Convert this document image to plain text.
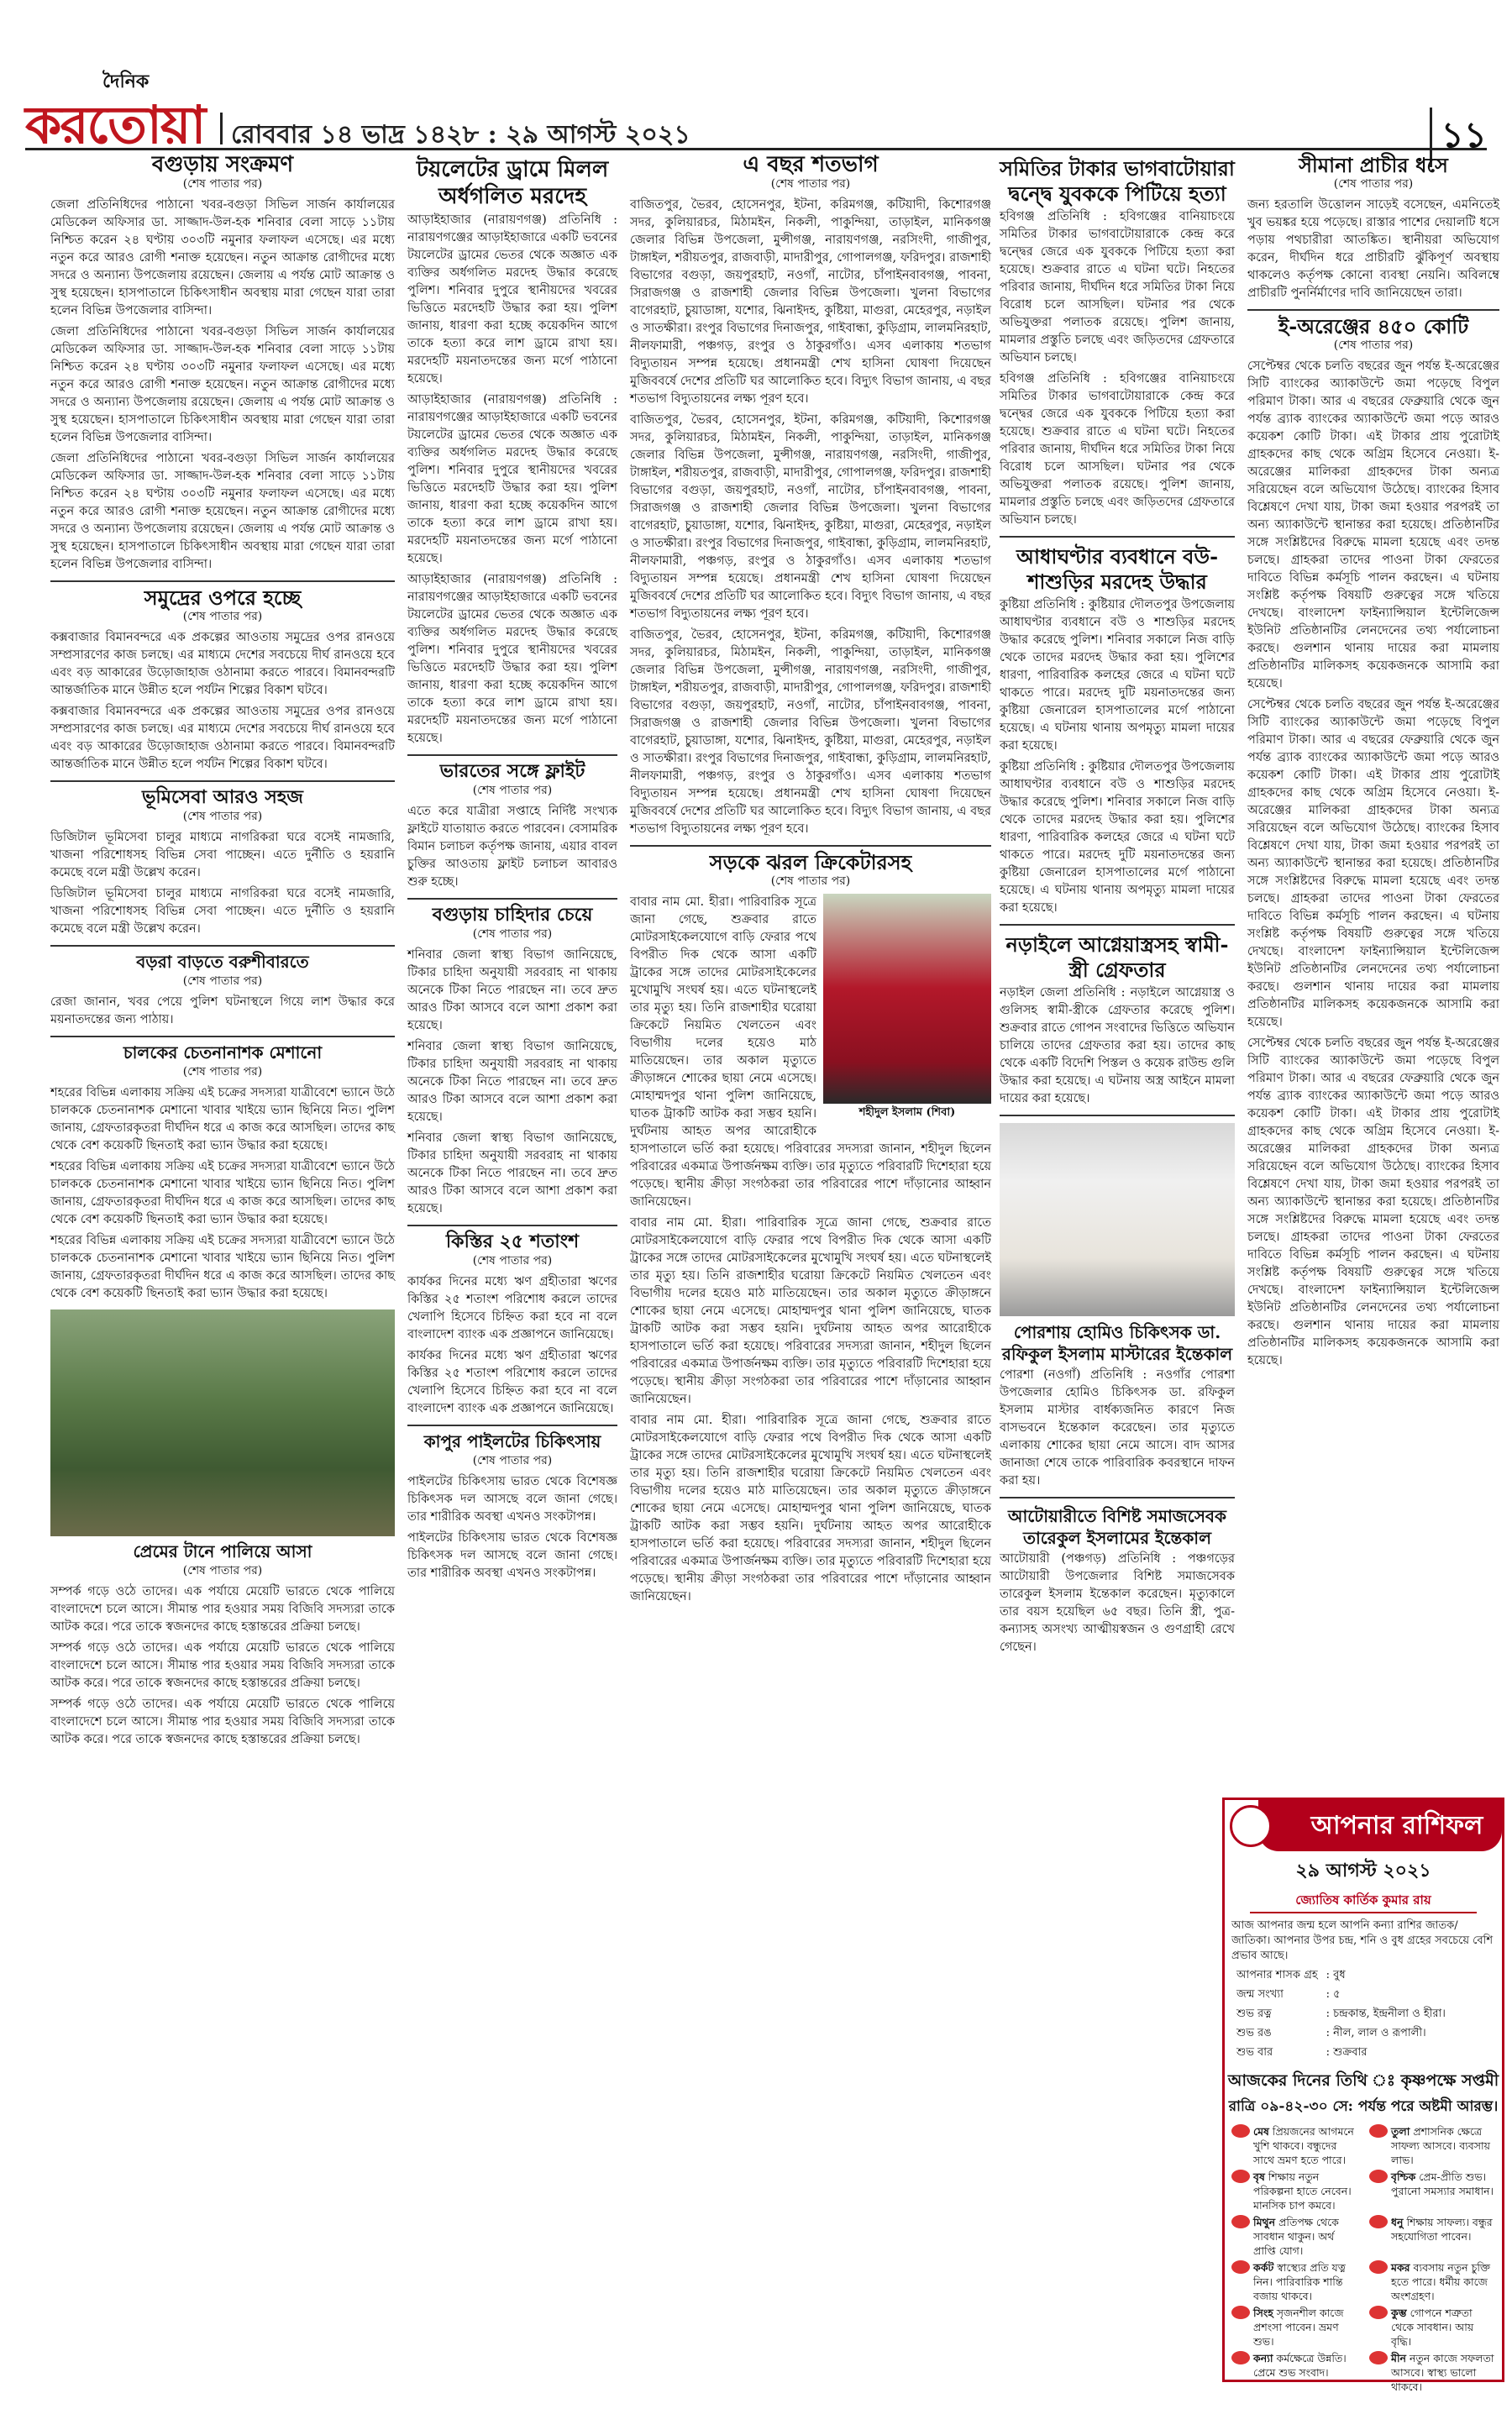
দৈনিক
করতোয়া রোববার ১৪ ভাদ্র ১৪২৮ : ২৯ আগস্ট ২০২১	১১
বগুড়ায় সংক্রমণ
(শেষ পাতার পর)

জেলা প্রতিনিধিদের পাঠানো খবর-বগুড়া সিভিল সার্জন কার্যালয়ের মেডিকেল অফিসার ডা. সাজ্জাদ-উল-হক শনিবার বেলা সাড়ে ১১টায় নিশ্চিত করেন ২৪ ঘণ্টায় ৩০৩টি নমুনার ফলাফল এসেছে। এর মধ্যে নতুন করে আরও রোগী শনাক্ত হয়েছেন। নতুন আক্রান্ত রোগীদের মধ্যে সদরে ও অন্যান্য উপজেলায় রয়েছেন। জেলায় এ পর্যন্ত মোট আক্রান্ত ও সুস্থ হয়েছেন। হাসপাতালে চিকিৎসাধীন অবস্থায় মারা গেছেন যারা তারা হলেন বিভিন্ন উপজেলার বাসিন্দা।

জেলা প্রতিনিধিদের পাঠানো খবর-বগুড়া সিভিল সার্জন কার্যালয়ের মেডিকেল অফিসার ডা. সাজ্জাদ-উল-হক শনিবার বেলা সাড়ে ১১টায় নিশ্চিত করেন ২৪ ঘণ্টায় ৩০৩টি নমুনার ফলাফল এসেছে। এর মধ্যে নতুন করে আরও রোগী শনাক্ত হয়েছেন। নতুন আক্রান্ত রোগীদের মধ্যে সদরে ও অন্যান্য উপজেলায় রয়েছেন। জেলায় এ পর্যন্ত মোট আক্রান্ত ও সুস্থ হয়েছেন। হাসপাতালে চিকিৎসাধীন অবস্থায় মারা গেছেন যারা তারা হলেন বিভিন্ন উপজেলার বাসিন্দা।

জেলা প্রতিনিধিদের পাঠানো খবর-বগুড়া সিভিল সার্জন কার্যালয়ের মেডিকেল অফিসার ডা. সাজ্জাদ-উল-হক শনিবার বেলা সাড়ে ১১টায় নিশ্চিত করেন ২৪ ঘণ্টায় ৩০৩টি নমুনার ফলাফল এসেছে। এর মধ্যে নতুন করে আরও রোগী শনাক্ত হয়েছেন। নতুন আক্রান্ত রোগীদের মধ্যে সদরে ও অন্যান্য উপজেলায় রয়েছেন। জেলায় এ পর্যন্ত মোট আক্রান্ত ও সুস্থ হয়েছেন। হাসপাতালে চিকিৎসাধীন অবস্থায় মারা গেছেন যারা তারা হলেন বিভিন্ন উপজেলার বাসিন্দা।

সমুদ্রের ওপরে হচ্ছে
(শেষ পাতার পর)

কক্সবাজার বিমানবন্দরে এক প্রকল্পের আওতায় সমুদ্রের ওপর রানওয়ে সম্প্রসারণের কাজ চলছে। এর মাধ্যমে দেশের সবচেয়ে দীর্ঘ রানওয়ে হবে এবং বড় আকারের উড়োজাহাজ ওঠানামা করতে পারবে। বিমানবন্দরটি আন্তর্জাতিক মানে উন্নীত হলে পর্যটন শিল্পের বিকাশ ঘটবে।

কক্সবাজার বিমানবন্দরে এক প্রকল্পের আওতায় সমুদ্রের ওপর রানওয়ে সম্প্রসারণের কাজ চলছে। এর মাধ্যমে দেশের সবচেয়ে দীর্ঘ রানওয়ে হবে এবং বড় আকারের উড়োজাহাজ ওঠানামা করতে পারবে। বিমানবন্দরটি আন্তর্জাতিক মানে উন্নীত হলে পর্যটন শিল্পের বিকাশ ঘটবে।

ভূমিসেবা আরও সহজ
(শেষ পাতার পর)

ডিজিটাল ভূমিসেবা চালুর মাধ্যমে নাগরিকরা ঘরে বসেই নামজারি, খাজনা পরিশোধসহ বিভিন্ন সেবা পাচ্ছেন। এতে দুর্নীতি ও হয়রানি কমেছে বলে মন্ত্রী উল্লেখ করেন।

ডিজিটাল ভূমিসেবা চালুর মাধ্যমে নাগরিকরা ঘরে বসেই নামজারি, খাজনা পরিশোধসহ বিভিন্ন সেবা পাচ্ছেন। এতে দুর্নীতি ও হয়রানি কমেছে বলে মন্ত্রী উল্লেখ করেন।

বড়রা বাড়তে বরুশীবারতে
(শেষ পাতার পর)

রেজা জানান, খবর পেয়ে পুলিশ ঘটনাস্থলে গিয়ে লাশ উদ্ধার করে ময়নাতদন্তের জন্য পাঠায়।

চালকের চেতনানাশক মেশানো
(শেষ পাতার পর)

শহরের বিভিন্ন এলাকায় সক্রিয় এই চক্রের সদস্যরা যাত্রীবেশে ভ্যানে উঠে চালককে চেতনানাশক মেশানো খাবার খাইয়ে ভ্যান ছিনিয়ে নিত। পুলিশ জানায়, গ্রেফতারকৃতরা দীর্ঘদিন ধরে এ কাজ করে আসছিল। তাদের কাছ থেকে বেশ কয়েকটি ছিনতাই করা ভ্যান উদ্ধার করা হয়েছে।

শহরের বিভিন্ন এলাকায় সক্রিয় এই চক্রের সদস্যরা যাত্রীবেশে ভ্যানে উঠে চালককে চেতনানাশক মেশানো খাবার খাইয়ে ভ্যান ছিনিয়ে নিত। পুলিশ জানায়, গ্রেফতারকৃতরা দীর্ঘদিন ধরে এ কাজ করে আসছিল। তাদের কাছ থেকে বেশ কয়েকটি ছিনতাই করা ভ্যান উদ্ধার করা হয়েছে।

শহরের বিভিন্ন এলাকায় সক্রিয় এই চক্রের সদস্যরা যাত্রীবেশে ভ্যানে উঠে চালককে চেতনানাশক মেশানো খাবার খাইয়ে ভ্যান ছিনিয়ে নিত। পুলিশ জানায়, গ্রেফতারকৃতরা দীর্ঘদিন ধরে এ কাজ করে আসছিল। তাদের কাছ থেকে বেশ কয়েকটি ছিনতাই করা ভ্যান উদ্ধার করা হয়েছে।

প্রেমের টানে পালিয়ে আসা
(শেষ পাতার পর)

সম্পর্ক গড়ে ওঠে তাদের। এক পর্যায়ে মেয়েটি ভারতে থেকে পালিয়ে বাংলাদেশে চলে আসে। সীমান্ত পার হওয়ার সময় বিজিবি সদস্যরা তাকে আটক করে। পরে তাকে স্বজনদের কাছে হস্তান্তরের প্রক্রিয়া চলছে।

সম্পর্ক গড়ে ওঠে তাদের। এক পর্যায়ে মেয়েটি ভারতে থেকে পালিয়ে বাংলাদেশে চলে আসে। সীমান্ত পার হওয়ার সময় বিজিবি সদস্যরা তাকে আটক করে। পরে তাকে স্বজনদের কাছে হস্তান্তরের প্রক্রিয়া চলছে।

সম্পর্ক গড়ে ওঠে তাদের। এক পর্যায়ে মেয়েটি ভারতে থেকে পালিয়ে বাংলাদেশে চলে আসে। সীমান্ত পার হওয়ার সময় বিজিবি সদস্যরা তাকে আটক করে। পরে তাকে স্বজনদের কাছে হস্তান্তরের প্রক্রিয়া চলছে।

টয়লেটের ড্রামে মিলল অর্ধগলিত মরদেহ

আড়াইহাজার (নারায়ণগঞ্জ) প্রতিনিধি : নারায়ণগঞ্জের আড়াইহাজারে একটি ভবনের টয়লেটের ড্রামের ভেতর থেকে অজ্ঞাত এক ব্যক্তির অর্ধগলিত মরদেহ উদ্ধার করেছে পুলিশ। শনিবার দুপুরে স্থানীয়দের খবরের ভিত্তিতে মরদেহটি উদ্ধার করা হয়। পুলিশ জানায়, ধারণা করা হচ্ছে কয়েকদিন আগে তাকে হত্যা করে লাশ ড্রামে রাখা হয়। মরদেহটি ময়নাতদন্তের জন্য মর্গে পাঠানো হয়েছে।

আড়াইহাজার (নারায়ণগঞ্জ) প্রতিনিধি : নারায়ণগঞ্জের আড়াইহাজারে একটি ভবনের টয়লেটের ড্রামের ভেতর থেকে অজ্ঞাত এক ব্যক্তির অর্ধগলিত মরদেহ উদ্ধার করেছে পুলিশ। শনিবার দুপুরে স্থানীয়দের খবরের ভিত্তিতে মরদেহটি উদ্ধার করা হয়। পুলিশ জানায়, ধারণা করা হচ্ছে কয়েকদিন আগে তাকে হত্যা করে লাশ ড্রামে রাখা হয়। মরদেহটি ময়নাতদন্তের জন্য মর্গে পাঠানো হয়েছে।

আড়াইহাজার (নারায়ণগঞ্জ) প্রতিনিধি : নারায়ণগঞ্জের আড়াইহাজারে একটি ভবনের টয়লেটের ড্রামের ভেতর থেকে অজ্ঞাত এক ব্যক্তির অর্ধগলিত মরদেহ উদ্ধার করেছে পুলিশ। শনিবার দুপুরে স্থানীয়দের খবরের ভিত্তিতে মরদেহটি উদ্ধার করা হয়। পুলিশ জানায়, ধারণা করা হচ্ছে কয়েকদিন আগে তাকে হত্যা করে লাশ ড্রামে রাখা হয়। মরদেহটি ময়নাতদন্তের জন্য মর্গে পাঠানো হয়েছে।

ভারতের সঙ্গে ফ্লাইট
(শেষ পাতার পর)

এতে করে যাত্রীরা সপ্তাহে নির্দিষ্ট সংখ্যক ফ্লাইটে যাতায়াত করতে পারবেন। বেসামরিক বিমান চলাচল কর্তৃপক্ষ জানায়, এয়ার বাবল চুক্তির আওতায় ফ্লাইট চলাচল আবারও শুরু হচ্ছে।

বগুড়ায় চাহিদার চেয়ে
(শেষ পাতার পর)

শনিবার জেলা স্বাস্থ্য বিভাগ জানিয়েছে, টিকার চাহিদা অনুযায়ী সরবরাহ না থাকায় অনেকে টিকা নিতে পারছেন না। তবে দ্রুত আরও টিকা আসবে বলে আশা প্রকাশ করা হয়েছে।

শনিবার জেলা স্বাস্থ্য বিভাগ জানিয়েছে, টিকার চাহিদা অনুযায়ী সরবরাহ না থাকায় অনেকে টিকা নিতে পারছেন না। তবে দ্রুত আরও টিকা আসবে বলে আশা প্রকাশ করা হয়েছে।

শনিবার জেলা স্বাস্থ্য বিভাগ জানিয়েছে, টিকার চাহিদা অনুযায়ী সরবরাহ না থাকায় অনেকে টিকা নিতে পারছেন না। তবে দ্রুত আরও টিকা আসবে বলে আশা প্রকাশ করা হয়েছে।

কিস্তির ২৫ শতাংশ
(শেষ পাতার পর)

কার্যকর দিনের মধ্যে ঋণ গ্রহীতারা ঋণের কিস্তির ২৫ শতাংশ পরিশোধ করলে তাদের খেলাপি হিসেবে চিহ্নিত করা হবে না বলে বাংলাদেশ ব্যাংক এক প্রজ্ঞাপনে জানিয়েছে।

কার্যকর দিনের মধ্যে ঋণ গ্রহীতারা ঋণের কিস্তির ২৫ শতাংশ পরিশোধ করলে তাদের খেলাপি হিসেবে চিহ্নিত করা হবে না বলে বাংলাদেশ ব্যাংক এক প্রজ্ঞাপনে জানিয়েছে।

কাপুর পাইলটের চিকিৎসায়
(শেষ পাতার পর)

পাইলটের চিকিৎসায় ভারত থেকে বিশেষজ্ঞ চিকিৎসক দল আসছে বলে জানা গেছে। তার শারীরিক অবস্থা এখনও সংকটাপন্ন।

পাইলটের চিকিৎসায় ভারত থেকে বিশেষজ্ঞ চিকিৎসক দল আসছে বলে জানা গেছে। তার শারীরিক অবস্থা এখনও সংকটাপন্ন।

এ বছর শতভাগ
(শেষ পাতার পর)

বাজিতপুর, ভৈরব, হোসেনপুর, ইটনা, করিমগঞ্জ, কটিয়াদী, কিশোরগঞ্জ সদর, কুলিয়ারচর, মিঠামইন, নিকলী, পাকুন্দিয়া, তাড়াইল, মানিকগঞ্জ জেলার বিভিন্ন উপজেলা, মুন্সীগঞ্জ, নারায়ণগঞ্জ, নরসিংদী, গাজীপুর, টাঙ্গাইল, শরীয়তপুর, রাজবাড়ী, মাদারীপুর, গোপালগঞ্জ, ফরিদপুর। রাজশাহী বিভাগের বগুড়া, জয়পুরহাট, নওগাঁ, নাটোর, চাঁপাইনবাবগঞ্জ, পাবনা, সিরাজগঞ্জ ও রাজশাহী জেলার বিভিন্ন উপজেলা। খুলনা বিভাগের বাগেরহাট, চুয়াডাঙ্গা, যশোর, ঝিনাইদহ, কুষ্টিয়া, মাগুরা, মেহেরপুর, নড়াইল ও সাতক্ষীরা। রংপুর বিভাগের দিনাজপুর, গাইবান্ধা, কুড়িগ্রাম, লালমনিরহাট, নীলফামারী, পঞ্চগড়, রংপুর ও ঠাকুরগাঁও। এসব এলাকায় শতভাগ বিদ্যুতায়ন সম্পন্ন হয়েছে। প্রধানমন্ত্রী শেখ হাসিনা ঘোষণা দিয়েছেন মুজিববর্ষে দেশের প্রতিটি ঘর আলোকিত হবে। বিদ্যুৎ বিভাগ জানায়, এ বছর শতভাগ বিদ্যুতায়নের লক্ষ্য পূরণ হবে।

বাজিতপুর, ভৈরব, হোসেনপুর, ইটনা, করিমগঞ্জ, কটিয়াদী, কিশোরগঞ্জ সদর, কুলিয়ারচর, মিঠামইন, নিকলী, পাকুন্দিয়া, তাড়াইল, মানিকগঞ্জ জেলার বিভিন্ন উপজেলা, মুন্সীগঞ্জ, নারায়ণগঞ্জ, নরসিংদী, গাজীপুর, টাঙ্গাইল, শরীয়তপুর, রাজবাড়ী, মাদারীপুর, গোপালগঞ্জ, ফরিদপুর। রাজশাহী বিভাগের বগুড়া, জয়পুরহাট, নওগাঁ, নাটোর, চাঁপাইনবাবগঞ্জ, পাবনা, সিরাজগঞ্জ ও রাজশাহী জেলার বিভিন্ন উপজেলা। খুলনা বিভাগের বাগেরহাট, চুয়াডাঙ্গা, যশোর, ঝিনাইদহ, কুষ্টিয়া, মাগুরা, মেহেরপুর, নড়াইল ও সাতক্ষীরা। রংপুর বিভাগের দিনাজপুর, গাইবান্ধা, কুড়িগ্রাম, লালমনিরহাট, নীলফামারী, পঞ্চগড়, রংপুর ও ঠাকুরগাঁও। এসব এলাকায় শতভাগ বিদ্যুতায়ন সম্পন্ন হয়েছে। প্রধানমন্ত্রী শেখ হাসিনা ঘোষণা দিয়েছেন মুজিববর্ষে দেশের প্রতিটি ঘর আলোকিত হবে। বিদ্যুৎ বিভাগ জানায়, এ বছর শতভাগ বিদ্যুতায়নের লক্ষ্য পূরণ হবে।

বাজিতপুর, ভৈরব, হোসেনপুর, ইটনা, করিমগঞ্জ, কটিয়াদী, কিশোরগঞ্জ সদর, কুলিয়ারচর, মিঠামইন, নিকলী, পাকুন্দিয়া, তাড়াইল, মানিকগঞ্জ জেলার বিভিন্ন উপজেলা, মুন্সীগঞ্জ, নারায়ণগঞ্জ, নরসিংদী, গাজীপুর, টাঙ্গাইল, শরীয়তপুর, রাজবাড়ী, মাদারীপুর, গোপালগঞ্জ, ফরিদপুর। রাজশাহী বিভাগের বগুড়া, জয়পুরহাট, নওগাঁ, নাটোর, চাঁপাইনবাবগঞ্জ, পাবনা, সিরাজগঞ্জ ও রাজশাহী জেলার বিভিন্ন উপজেলা। খুলনা বিভাগের বাগেরহাট, চুয়াডাঙ্গা, যশোর, ঝিনাইদহ, কুষ্টিয়া, মাগুরা, মেহেরপুর, নড়াইল ও সাতক্ষীরা। রংপুর বিভাগের দিনাজপুর, গাইবান্ধা, কুড়িগ্রাম, লালমনিরহাট, নীলফামারী, পঞ্চগড়, রংপুর ও ঠাকুরগাঁও। এসব এলাকায় শতভাগ বিদ্যুতায়ন সম্পন্ন হয়েছে। প্রধানমন্ত্রী শেখ হাসিনা ঘোষণা দিয়েছেন মুজিববর্ষে দেশের প্রতিটি ঘর আলোকিত হবে। বিদ্যুৎ বিভাগ জানায়, এ বছর শতভাগ বিদ্যুতায়নের লক্ষ্য পূরণ হবে।

সড়কে ঝরল ক্রিকেটারসহ
(শেষ পাতার পর)
শহীদুল ইসলাম (শিবা)

বাবার নাম মো. হীরা। পারিবারিক সূত্রে জানা গেছে, শুক্রবার রাতে মোটরসাইকেলযোগে বাড়ি ফেরার পথে বিপরীত দিক থেকে আসা একটি ট্রাকের সঙ্গে তাদের মোটরসাইকেলের মুখোমুখি সংঘর্ষ হয়। এতে ঘটনাস্থলেই তার মৃত্যু হয়। তিনি রাজশাহীর ঘরোয়া ক্রিকেটে নিয়মিত খেলতেন এবং বিভাগীয় দলের হয়েও মাঠ মাতিয়েছেন। তার অকাল মৃত্যুতে ক্রীড়াঙ্গনে শোকের ছায়া নেমে এসেছে। মোহাম্মদপুর থানা পুলিশ জানিয়েছে, ঘাতক ট্রাকটি আটক করা সম্ভব হয়নি। দুর্ঘটনায় আহত অপর আরোহীকে হাসপাতালে ভর্তি করা হয়েছে। পরিবারের সদস্যরা জানান, শহীদুল ছিলেন পরিবারের একমাত্র উপার্জনক্ষম ব্যক্তি। তার মৃত্যুতে পরিবারটি দিশেহারা হয়ে পড়েছে। স্থানীয় ক্রীড়া সংগঠকরা তার পরিবারের পাশে দাঁড়ানোর আহ্বান জানিয়েছেন।

বাবার নাম মো. হীরা। পারিবারিক সূত্রে জানা গেছে, শুক্রবার রাতে মোটরসাইকেলযোগে বাড়ি ফেরার পথে বিপরীত দিক থেকে আসা একটি ট্রাকের সঙ্গে তাদের মোটরসাইকেলের মুখোমুখি সংঘর্ষ হয়। এতে ঘটনাস্থলেই তার মৃত্যু হয়। তিনি রাজশাহীর ঘরোয়া ক্রিকেটে নিয়মিত খেলতেন এবং বিভাগীয় দলের হয়েও মাঠ মাতিয়েছেন। তার অকাল মৃত্যুতে ক্রীড়াঙ্গনে শোকের ছায়া নেমে এসেছে। মোহাম্মদপুর থানা পুলিশ জানিয়েছে, ঘাতক ট্রাকটি আটক করা সম্ভব হয়নি। দুর্ঘটনায় আহত অপর আরোহীকে হাসপাতালে ভর্তি করা হয়েছে। পরিবারের সদস্যরা জানান, শহীদুল ছিলেন পরিবারের একমাত্র উপার্জনক্ষম ব্যক্তি। তার মৃত্যুতে পরিবারটি দিশেহারা হয়ে পড়েছে। স্থানীয় ক্রীড়া সংগঠকরা তার পরিবারের পাশে দাঁড়ানোর আহ্বান জানিয়েছেন।

বাবার নাম মো. হীরা। পারিবারিক সূত্রে জানা গেছে, শুক্রবার রাতে মোটরসাইকেলযোগে বাড়ি ফেরার পথে বিপরীত দিক থেকে আসা একটি ট্রাকের সঙ্গে তাদের মোটরসাইকেলের মুখোমুখি সংঘর্ষ হয়। এতে ঘটনাস্থলেই তার মৃত্যু হয়। তিনি রাজশাহীর ঘরোয়া ক্রিকেটে নিয়মিত খেলতেন এবং বিভাগীয় দলের হয়েও মাঠ মাতিয়েছেন। তার অকাল মৃত্যুতে ক্রীড়াঙ্গনে শোকের ছায়া নেমে এসেছে। মোহাম্মদপুর থানা পুলিশ জানিয়েছে, ঘাতক ট্রাকটি আটক করা সম্ভব হয়নি। দুর্ঘটনায় আহত অপর আরোহীকে হাসপাতালে ভর্তি করা হয়েছে। পরিবারের সদস্যরা জানান, শহীদুল ছিলেন পরিবারের একমাত্র উপার্জনক্ষম ব্যক্তি। তার মৃত্যুতে পরিবারটি দিশেহারা হয়ে পড়েছে। স্থানীয় ক্রীড়া সংগঠকরা তার পরিবারের পাশে দাঁড়ানোর আহ্বান জানিয়েছেন।

সমিতির টাকার ভাগবাটোয়ারা দ্বন্দ্বে যুবককে পিটিয়ে হত্যা

হবিগঞ্জ প্রতিনিধি : হবিগঞ্জের বানিয়াচংয়ে সমিতির টাকার ভাগবাটোয়ারাকে কেন্দ্র করে দ্বন্দ্বের জেরে এক যুবককে পিটিয়ে হত্যা করা হয়েছে। শুক্রবার রাতে এ ঘটনা ঘটে। নিহতের পরিবার জানায়, দীর্ঘদিন ধরে সমিতির টাকা নিয়ে বিরোধ চলে আসছিল। ঘটনার পর থেকে অভিযুক্তরা পলাতক রয়েছে। পুলিশ জানায়, মামলার প্রস্তুতি চলছে এবং জড়িতদের গ্রেফতারে অভিযান চলছে।

হবিগঞ্জ প্রতিনিধি : হবিগঞ্জের বানিয়াচংয়ে সমিতির টাকার ভাগবাটোয়ারাকে কেন্দ্র করে দ্বন্দ্বের জেরে এক যুবককে পিটিয়ে হত্যা করা হয়েছে। শুক্রবার রাতে এ ঘটনা ঘটে। নিহতের পরিবার জানায়, দীর্ঘদিন ধরে সমিতির টাকা নিয়ে বিরোধ চলে আসছিল। ঘটনার পর থেকে অভিযুক্তরা পলাতক রয়েছে। পুলিশ জানায়, মামলার প্রস্তুতি চলছে এবং জড়িতদের গ্রেফতারে অভিযান চলছে।

আধাঘণ্টার ব্যবধানে বউ-শাশুড়ির মরদেহ উদ্ধার

কুষ্টিয়া প্রতিনিধি : কুষ্টিয়ার দৌলতপুর উপজেলায় আধাঘণ্টার ব্যবধানে বউ ও শাশুড়ির মরদেহ উদ্ধার করেছে পুলিশ। শনিবার সকালে নিজ বাড়ি থেকে তাদের মরদেহ উদ্ধার করা হয়। পুলিশের ধারণা, পারিবারিক কলহের জেরে এ ঘটনা ঘটে থাকতে পারে। মরদেহ দুটি ময়নাতদন্তের জন্য কুষ্টিয়া জেনারেল হাসপাতালের মর্গে পাঠানো হয়েছে। এ ঘটনায় থানায় অপমৃত্যু মামলা দায়ের করা হয়েছে।

কুষ্টিয়া প্রতিনিধি : কুষ্টিয়ার দৌলতপুর উপজেলায় আধাঘণ্টার ব্যবধানে বউ ও শাশুড়ির মরদেহ উদ্ধার করেছে পুলিশ। শনিবার সকালে নিজ বাড়ি থেকে তাদের মরদেহ উদ্ধার করা হয়। পুলিশের ধারণা, পারিবারিক কলহের জেরে এ ঘটনা ঘটে থাকতে পারে। মরদেহ দুটি ময়নাতদন্তের জন্য কুষ্টিয়া জেনারেল হাসপাতালের মর্গে পাঠানো হয়েছে। এ ঘটনায় থানায় অপমৃত্যু মামলা দায়ের করা হয়েছে।

নড়াইলে আগ্নেয়াস্ত্রসহ স্বামী-স্ত্রী গ্রেফতার

নড়াইল জেলা প্রতিনিধি : নড়াইলে আগ্নেয়াস্ত্র ও গুলিসহ স্বামী-স্ত্রীকে গ্রেফতার করেছে পুলিশ। শুক্রবার রাতে গোপন সংবাদের ভিত্তিতে অভিযান চালিয়ে তাদের গ্রেফতার করা হয়। তাদের কাছ থেকে একটি বিদেশি পিস্তল ও কয়েক রাউন্ড গুলি উদ্ধার করা হয়েছে। এ ঘটনায় অস্ত্র আইনে মামলা দায়ের করা হয়েছে।

পোরশায় হোমিও চিকিৎসক ডা. রফিকুল ইসলাম মাস্টারের ইন্তেকাল

পোরশা (নওগাঁ) প্রতিনিধি : নওগাঁর পোরশা উপজেলার হোমিও চিকিৎসক ডা. রফিকুল ইসলাম মাস্টার বার্ধক্যজনিত কারণে নিজ বাসভবনে ইন্তেকাল করেছেন। তার মৃত্যুতে এলাকায় শোকের ছায়া নেমে আসে। বাদ আসর জানাজা শেষে তাকে পারিবারিক কবরস্থানে দাফন করা হয়।

আটোয়ারীতে বিশিষ্ট সমাজসেবক তারেকুল ইসলামের ইন্তেকাল

আটোয়ারী (পঞ্চগড়) প্রতিনিধি : পঞ্চগড়ের আটোয়ারী উপজেলার বিশিষ্ট সমাজসেবক তারেকুল ইসলাম ইন্তেকাল করেছেন। মৃত্যুকালে তার বয়স হয়েছিল ৬৫ বছর। তিনি স্ত্রী, পুত্র-কন্যাসহ অসংখ্য আত্মীয়স্বজন ও গুণগ্রাহী রেখে গেছেন।

সীমানা প্রাচীর ধসে
(শেষ পাতার পর)

জন্য হরতালি উত্তোলন সাড়েই বসেছেন, এমনিতেই খুব ভয়ঙ্কর হয়ে পড়েছে। রাস্তার পাশের দেয়ালটি ধসে পড়ায় পথচারীরা আতঙ্কিত। স্থানীয়রা অভিযোগ করেন, দীর্ঘদিন ধরে প্রাচীরটি ঝুঁকিপূর্ণ অবস্থায় থাকলেও কর্তৃপক্ষ কোনো ব্যবস্থা নেয়নি। অবিলম্বে প্রাচীরটি পুনর্নির্মাণের দাবি জানিয়েছেন তারা।

ই-অরেঞ্জের ৪৫০ কোটি
(শেষ পাতার পর)

সেপ্টেম্বর থেকে চলতি বছরের জুন পর্যন্ত ই-অরেঞ্জের সিটি ব্যাংকের অ্যাকাউন্টে জমা পড়েছে বিপুল পরিমাণ টাকা। আর এ বছরের ফেব্রুয়ারি থেকে জুন পর্যন্ত ব্র্যাক ব্যাংকের অ্যাকাউন্টে জমা পড়ে আরও কয়েকশ কোটি টাকা। এই টাকার প্রায় পুরোটাই গ্রাহকদের কাছ থেকে অগ্রিম হিসেবে নেওয়া। ই-অরেঞ্জের মালিকরা গ্রাহকদের টাকা অন্যত্র সরিয়েছেন বলে অভিযোগ উঠেছে। ব্যাংকের হিসাব বিশ্লেষণে দেখা যায়, টাকা জমা হওয়ার পরপরই তা অন্য অ্যাকাউন্টে স্থানান্তর করা হয়েছে। প্রতিষ্ঠানটির সঙ্গে সংশ্লিষ্টদের বিরুদ্ধে মামলা হয়েছে এবং তদন্ত চলছে। গ্রাহকরা তাদের পাওনা টাকা ফেরতের দাবিতে বিভিন্ন কর্মসূচি পালন করছেন। এ ঘটনায় সংশ্লিষ্ট কর্তৃপক্ষ বিষয়টি গুরুত্বের সঙ্গে খতিয়ে দেখছে। বাংলাদেশ ফাইন্যান্সিয়াল ইন্টেলিজেন্স ইউনিট প্রতিষ্ঠানটির লেনদেনের তথ্য পর্যালোচনা করছে। গুলশান থানায় দায়ের করা মামলায় প্রতিষ্ঠানটির মালিকসহ কয়েকজনকে আসামি করা হয়েছে।

সেপ্টেম্বর থেকে চলতি বছরের জুন পর্যন্ত ই-অরেঞ্জের সিটি ব্যাংকের অ্যাকাউন্টে জমা পড়েছে বিপুল পরিমাণ টাকা। আর এ বছরের ফেব্রুয়ারি থেকে জুন পর্যন্ত ব্র্যাক ব্যাংকের অ্যাকাউন্টে জমা পড়ে আরও কয়েকশ কোটি টাকা। এই টাকার প্রায় পুরোটাই গ্রাহকদের কাছ থেকে অগ্রিম হিসেবে নেওয়া। ই-অরেঞ্জের মালিকরা গ্রাহকদের টাকা অন্যত্র সরিয়েছেন বলে অভিযোগ উঠেছে। ব্যাংকের হিসাব বিশ্লেষণে দেখা যায়, টাকা জমা হওয়ার পরপরই তা অন্য অ্যাকাউন্টে স্থানান্তর করা হয়েছে। প্রতিষ্ঠানটির সঙ্গে সংশ্লিষ্টদের বিরুদ্ধে মামলা হয়েছে এবং তদন্ত চলছে। গ্রাহকরা তাদের পাওনা টাকা ফেরতের দাবিতে বিভিন্ন কর্মসূচি পালন করছেন। এ ঘটনায় সংশ্লিষ্ট কর্তৃপক্ষ বিষয়টি গুরুত্বের সঙ্গে খতিয়ে দেখছে। বাংলাদেশ ফাইন্যান্সিয়াল ইন্টেলিজেন্স ইউনিট প্রতিষ্ঠানটির লেনদেনের তথ্য পর্যালোচনা করছে। গুলশান থানায় দায়ের করা মামলায় প্রতিষ্ঠানটির মালিকসহ কয়েকজনকে আসামি করা হয়েছে।

সেপ্টেম্বর থেকে চলতি বছরের জুন পর্যন্ত ই-অরেঞ্জের সিটি ব্যাংকের অ্যাকাউন্টে জমা পড়েছে বিপুল পরিমাণ টাকা। আর এ বছরের ফেব্রুয়ারি থেকে জুন পর্যন্ত ব্র্যাক ব্যাংকের অ্যাকাউন্টে জমা পড়ে আরও কয়েকশ কোটি টাকা। এই টাকার প্রায় পুরোটাই গ্রাহকদের কাছ থেকে অগ্রিম হিসেবে নেওয়া। ই-অরেঞ্জের মালিকরা গ্রাহকদের টাকা অন্যত্র সরিয়েছেন বলে অভিযোগ উঠেছে। ব্যাংকের হিসাব বিশ্লেষণে দেখা যায়, টাকা জমা হওয়ার পরপরই তা অন্য অ্যাকাউন্টে স্থানান্তর করা হয়েছে। প্রতিষ্ঠানটির সঙ্গে সংশ্লিষ্টদের বিরুদ্ধে মামলা হয়েছে এবং তদন্ত চলছে। গ্রাহকরা তাদের পাওনা টাকা ফেরতের দাবিতে বিভিন্ন কর্মসূচি পালন করছেন। এ ঘটনায় সংশ্লিষ্ট কর্তৃপক্ষ বিষয়টি গুরুত্বের সঙ্গে খতিয়ে দেখছে। বাংলাদেশ ফাইন্যান্সিয়াল ইন্টেলিজেন্স ইউনিট প্রতিষ্ঠানটির লেনদেনের তথ্য পর্যালোচনা করছে। গুলশান থানায় দায়ের করা মামলায় প্রতিষ্ঠানটির মালিকসহ কয়েকজনকে আসামি করা হয়েছে।

আপনার রাশিফল
২৯ আগস্ট ২০২১
জ্যোতিষ কার্তিক কুমার রায়
আজ আপনার জন্ম হলে আপনি কন্যা রাশির জাতক/জাতিকা। আপনার উপর চন্দ্র, শনি ও বুধ গ্রহের সবচেয়ে বেশি প্রভাব আছে।
আপনার শাসক গ্রহ	: বুধ
জন্ম সংখ্যা	: ৫
শুভ রত্ন	: চন্দ্রকান্ত, ইন্দ্রনীলা ও হীরা।
শুভ রঙ	: নীল, লাল ও রূপালী।
শুভ বার	: শুক্রবার
আজকের দিনের তিথি ঃ কৃষ্ণপক্ষে সপ্তমী
রাত্রি ০৯-৪২-৩০ সে: পর্যন্ত পরে অষ্টমী আরম্ভ।
মেষ প্রিয়জনের আগমনে খুশি থাকবে। বন্ধুদের সাথে ভ্রমণ হতে পারে।
তুলা প্রশাসনিক ক্ষেত্রে সাফল্য আসবে। ব্যবসায় লাভ।
বৃষ শিক্ষায় নতুন পরিকল্পনা হাতে নেবেন। মানসিক চাপ কমবে।
বৃশ্চিক প্রেম-প্রীতি শুভ। পুরানো সমস্যার সমাধান।
মিথুন প্রতিপক্ষ থেকে সাবধান থাকুন। অর্থ প্রাপ্তি যোগ।
ধনু শিক্ষায় সাফল্য। বন্ধুর সহযোগিতা পাবেন।
কর্কট স্বাস্থ্যের প্রতি যত্ন নিন। পারিবারিক শান্তি বজায় থাকবে।
মকর ব্যবসায় নতুন চুক্তি হতে পারে। ধর্মীয় কাজে অংশগ্রহণ।
সিংহ সৃজনশীল কাজে প্রশংসা পাবেন। ভ্রমণ শুভ।
কুম্ভ গোপনে শত্রুতা থেকে সাবধান। আয় বৃদ্ধি।
কন্যা কর্মক্ষেত্রে উন্নতি। প্রেমে শুভ সংবাদ।
মীন নতুন কাজে সফলতা আসবে। স্বাস্থ্য ভালো থাকবে।
